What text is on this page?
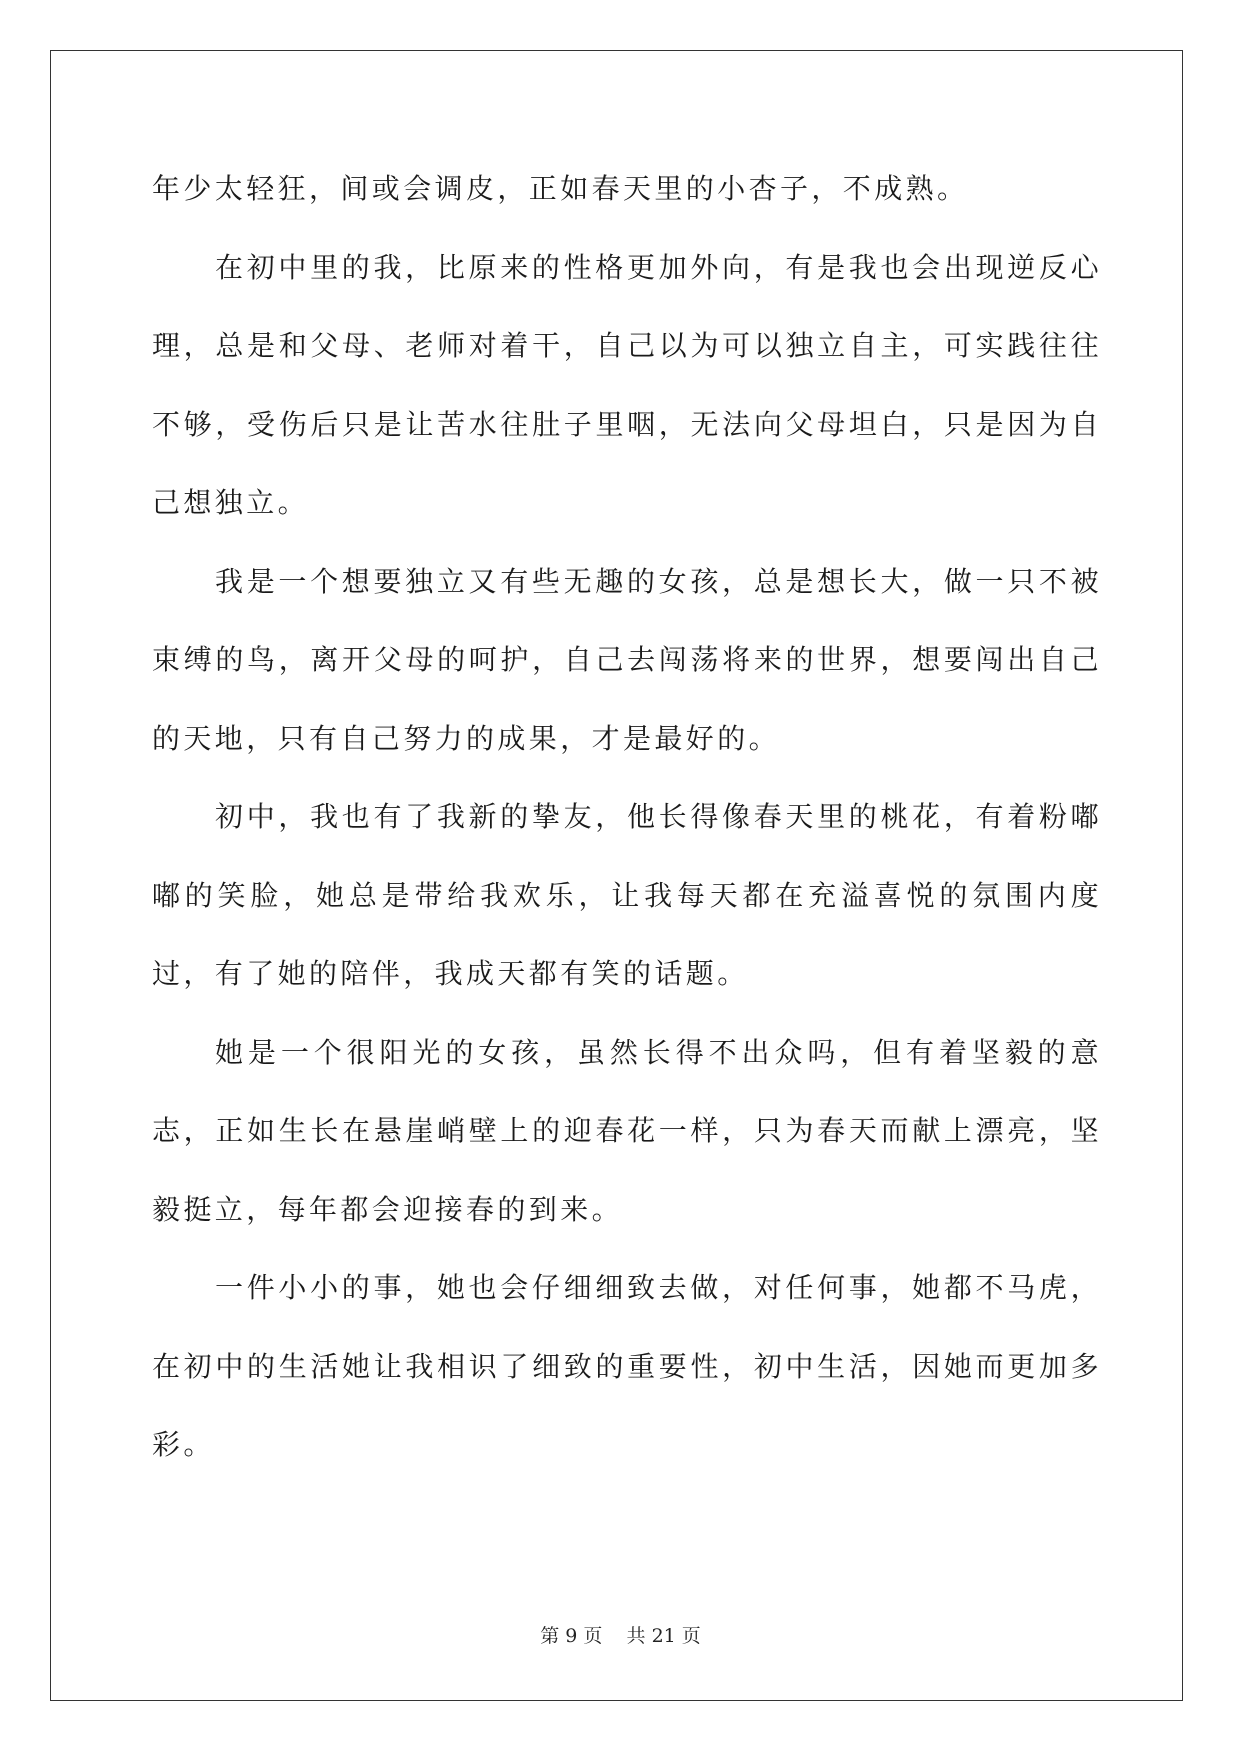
年少太轻狂，间或会调皮，正如春天里的小杏子，不成熟。

在初中里的我，比原来的性格更加外向，有是我也会出现逆反心理，总是和父母、老师对着干，自己以为可以独立自主，可实践往往不够，受伤后只是让苦水往肚子里咽，无法向父母坦白，只是因为自己想独立。

我是一个想要独立又有些无趣的女孩，总是想长大，做一只不被束缚的鸟，离开父母的呵护，自己去闯荡将来的世界，想要闯出自己的天地，只有自己努力的成果，才是最好的。

初中，我也有了我新的挚友，他长得像春天里的桃花，有着粉嘟嘟的笑脸，她总是带给我欢乐，让我每天都在充溢喜悦的氛围内度过，有了她的陪伴，我成天都有笑的话题。

她是一个很阳光的女孩，虽然长得不出众吗，但有着坚毅的意志，正如生长在悬崖峭壁上的迎春花一样，只为春天而献上漂亮，坚毅挺立，每年都会迎接春的到来。

一件小小的事，她也会仔细细致去做，对任何事，她都不马虎，在初中的生活她让我相识了细致的重要性，初中生活，因她而更加多彩。

第 9 页    共 21 页
